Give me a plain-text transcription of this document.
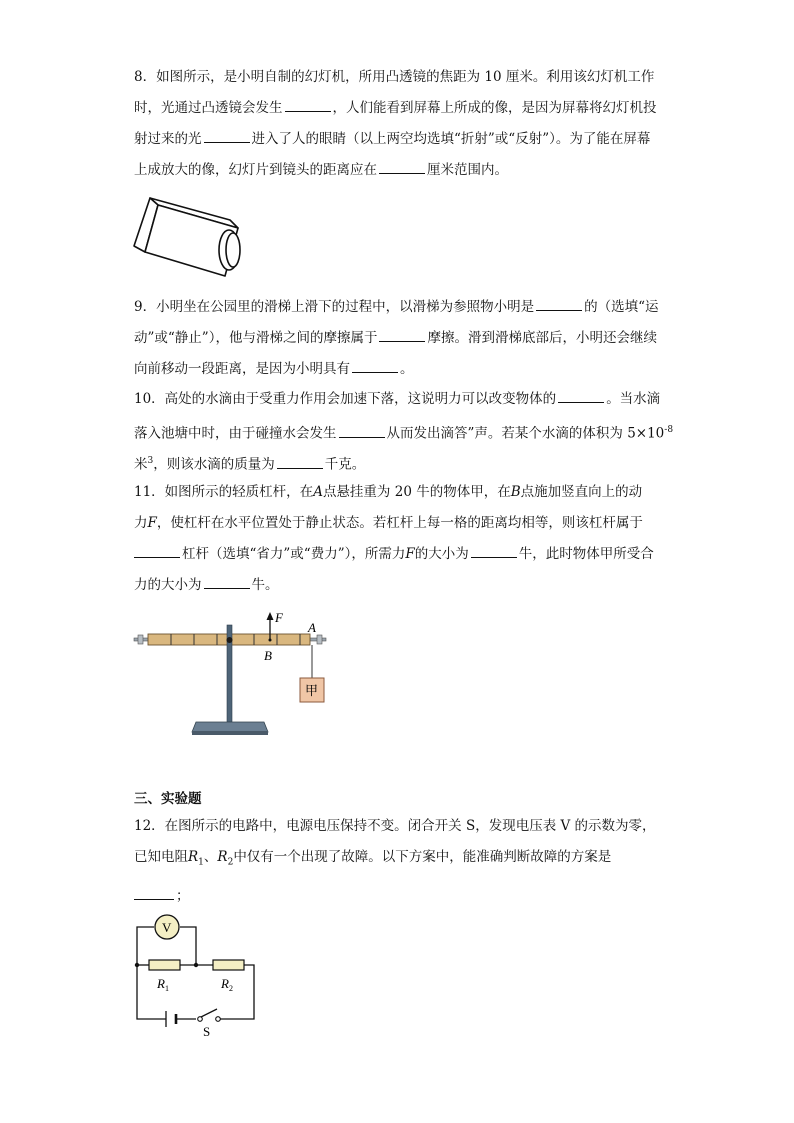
8．如图所示，是小明自制的幻灯机，所用凸透镜的焦距为 10 厘米。利用该幻灯机工作
时，光通过凸透镜会发生	，人们能看到屏幕上所成的像，是因为屏幕将幻灯机投
射过来的光	进入了人的眼睛（以上两空均选填“折射”或“反射”）。为了能在屏幕
上成放大的像，幻灯片到镜头的距离应在	厘米范围内。
9．小明坐在公园里的滑梯上滑下的过程中，以滑梯为参照物小明是	的（选填“运
动”或“静止”），他与滑梯之间的摩擦属于	摩擦。滑到滑梯底部后，小明还会继续
向前移动一段距离，是因为小明具有	。
10．高处的水滴由于受重力作用会加速下落，这说明力可以改变物体的	。当水滴
落入池塘中时，由于碰撞水会发生	从而发出滴答”声。若某个水滴的体积为 $5\times 10^{-8}$
米$^3$，则该水滴的质量为	千克。
11．如图所示的轻质杠杆，在A点悬挂重为 20 牛的物体甲，在B点施加竖直向上的动
力F，使杠杆在水平位置处于静止状态。若杠杆上每一格的距离均相等，则该杠杆属于
杠杆（选填“省力”或“费力”），所需力F的大小为	牛，此时物体甲所受合
力的大小为	牛。
F
B
A
甲
三、实验题
12．在图所示的电路中，电源电压保持不变。闭合开关 S，发现电压表 V 的示数为零，
已知电阻$R_1$、$R_2$中仅有一个出现了故障。以下方案中，能准确判断故障的方案是
；
V
$R_1$	$R_2$
S
